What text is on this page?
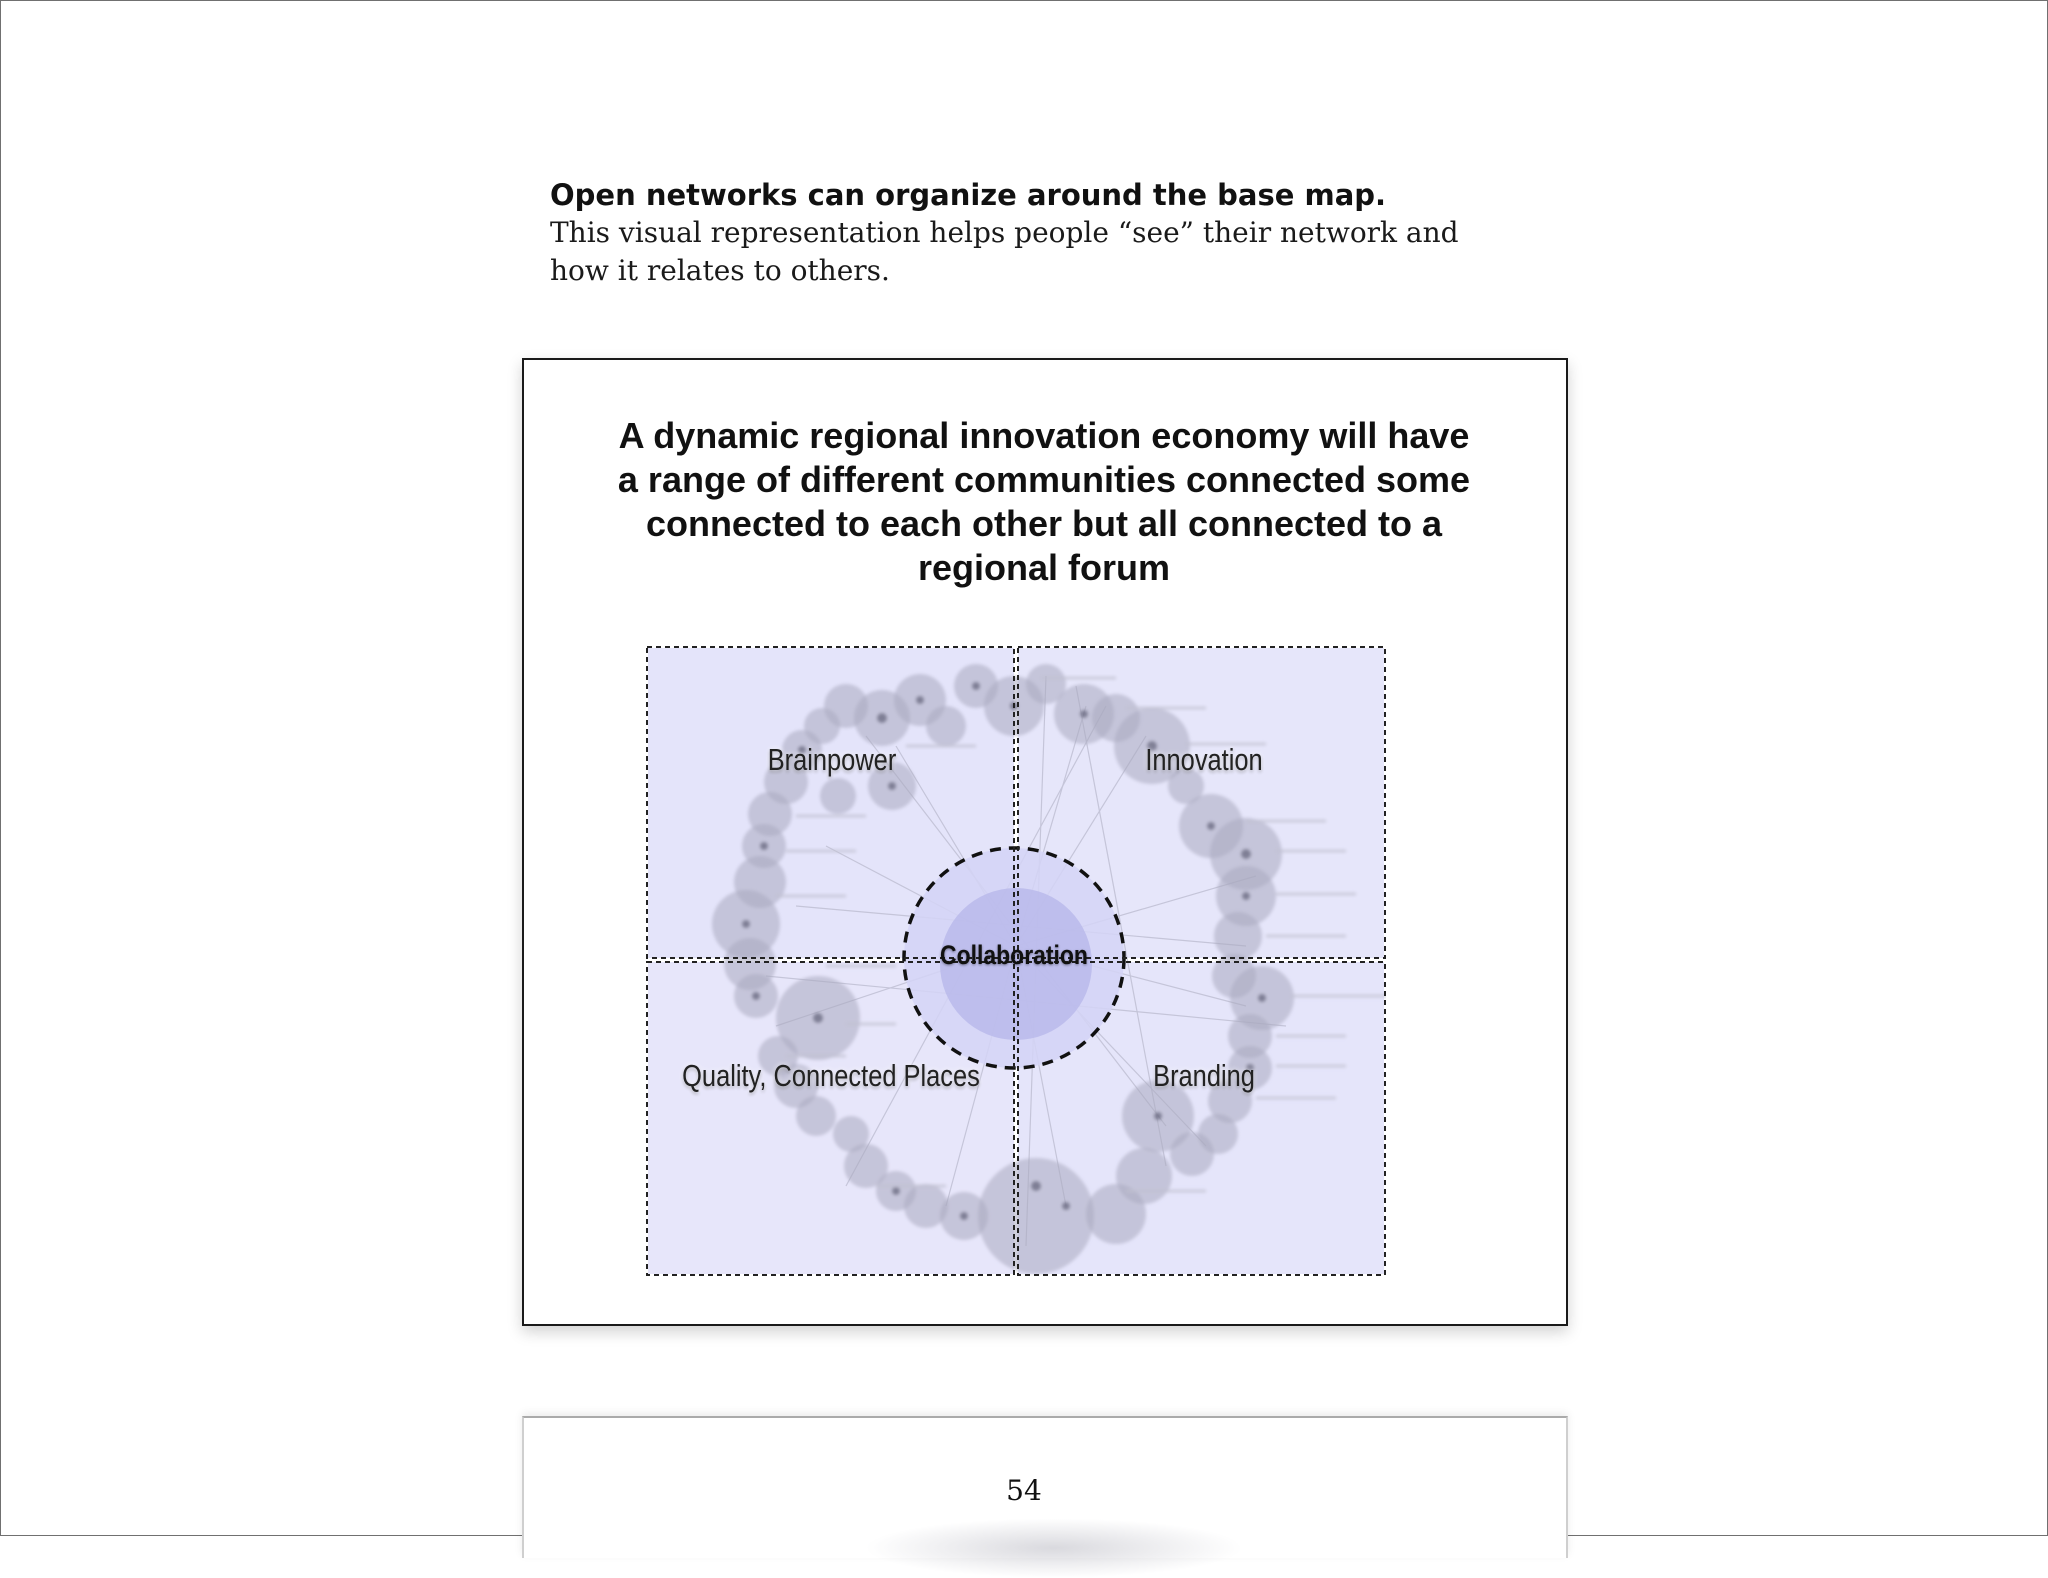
Open networks can organize around the base map.
This visual representation helps people “see” their network and how it relates to others.
A dynamic regional innovation economy will have a range of different communities connected some connected to each other but all connected to a regional forum
Brainpower	Innovation
Quality, Connected Places	Branding
Collaboration
54
